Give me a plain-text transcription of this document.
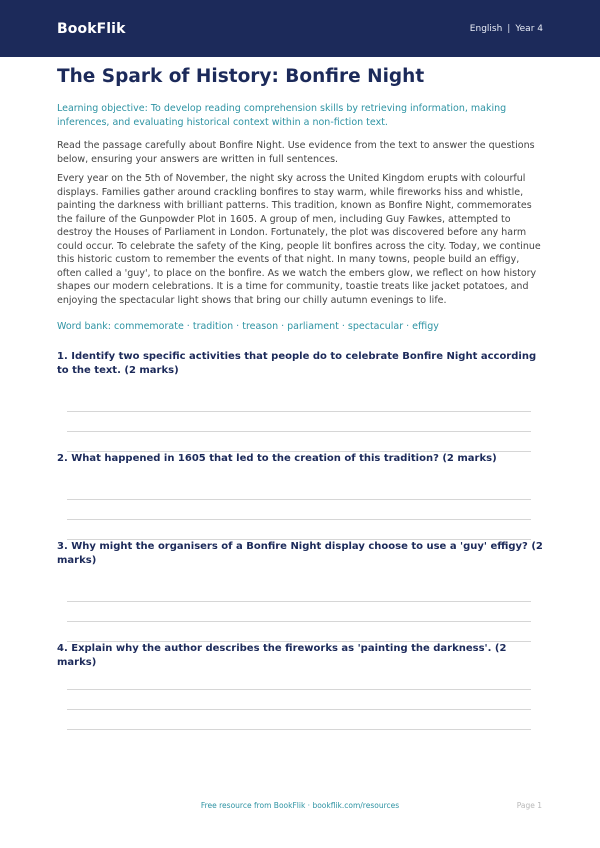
BookFlik	English | Year 4
The Spark of History: Bonfire Night

Learning objective: To develop reading comprehension skills by retrieving information, making inferences, and evaluating historical context within a non-fiction text.

Read the passage carefully about Bonfire Night. Use evidence from the text to answer the questions below, ensuring your answers are written in full sentences.

Every year on the 5th of November, the night sky across the United Kingdom erupts with colourful displays. Families gather around crackling bonfires to stay warm, while fireworks hiss and whistle, painting the darkness with brilliant patterns. This tradition, known as Bonfire Night, commemorates the failure of the Gunpowder Plot in 1605. A group of men, including Guy Fawkes, attempted to destroy the Houses of Parliament in London. Fortunately, the plot was discovered before any harm could occur. To celebrate the safety of the King, people lit bonfires across the city. Today, we continue this historic custom to remember the events of that night. In many towns, people build an effigy, often called a 'guy', to place on the bonfire. As we watch the embers glow, we reflect on how history shapes our modern celebrations. It is a time for community, toastie treats like jacket potatoes, and enjoying the spectacular light shows that bring our chilly autumn evenings to life.

Word bank: commemorate · tradition · treason · parliament · spectacular · effigy

1. Identify two specific activities that people do to celebrate Bonfire Night according to the text. (2 marks)

2. What happened in 1605 that led to the creation of this tradition? (2 marks)

3. Why might the organisers of a Bonfire Night display choose to use a 'guy' effigy? (2 marks)

4. Explain why the author describes the fireworks as 'painting the darkness'. (2 marks)

Free resource from BookFlik · bookflik.com/resources	Page 1
